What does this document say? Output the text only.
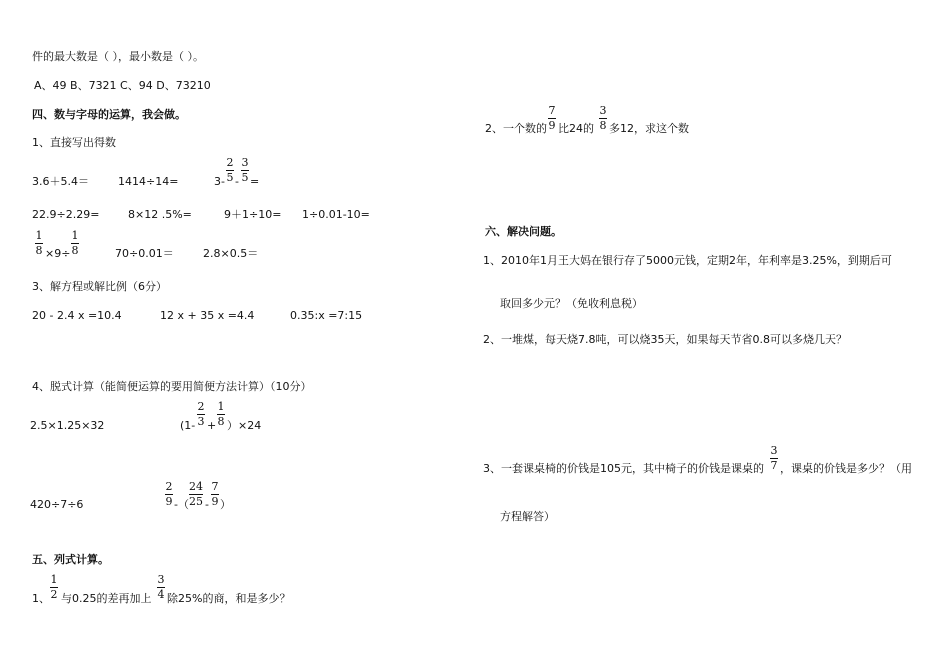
件的最大数是（ ），最小数是（ ）。
A、49 B、7321 C、94 D、73210
四、数与字母的运算，我会做。
1、直接写出得数
3.6＋5.4＝	1414÷14=	3-
2
5 -
3
5 =
22.9÷2.29=	8×12 .5%=	9＋1÷10= 1÷0.01-10=
1
8 ×9÷
1
8	70÷0.01＝	2.8×0.5＝
3、解方程或解比例（6分）
20 - 2.4 x =10.4	12 x + 35 x =4.4	0.35:x =7:15
4、脱式计算（能简便运算的要用简便方法计算）（10分）
2.5×1.25×32	(1-
2
3 +
1
8 ）×24
420÷7÷6
2
9 -（
24
25 -
7
9 ）
五、列式计算。
1、
1
2 与0.25的差再加上
3
4 除25%的商，和是多少？
2、一个数的
7
9 比24的
3
8 多12，求这个数
六、解决问题。
1、2010年1月王大妈在银行存了5000元钱，定期2年，年利率是3.25%，到期后可
取回多少元？（免收利息税）
2、一堆煤，每天烧7.8吨，可以烧35天，如果每天节省0.8可以多烧几天？
3、一套课桌椅的价钱是105元，其中椅子的价钱是课桌的
3
7 ，课桌的价钱是多少？（用
方程解答）
